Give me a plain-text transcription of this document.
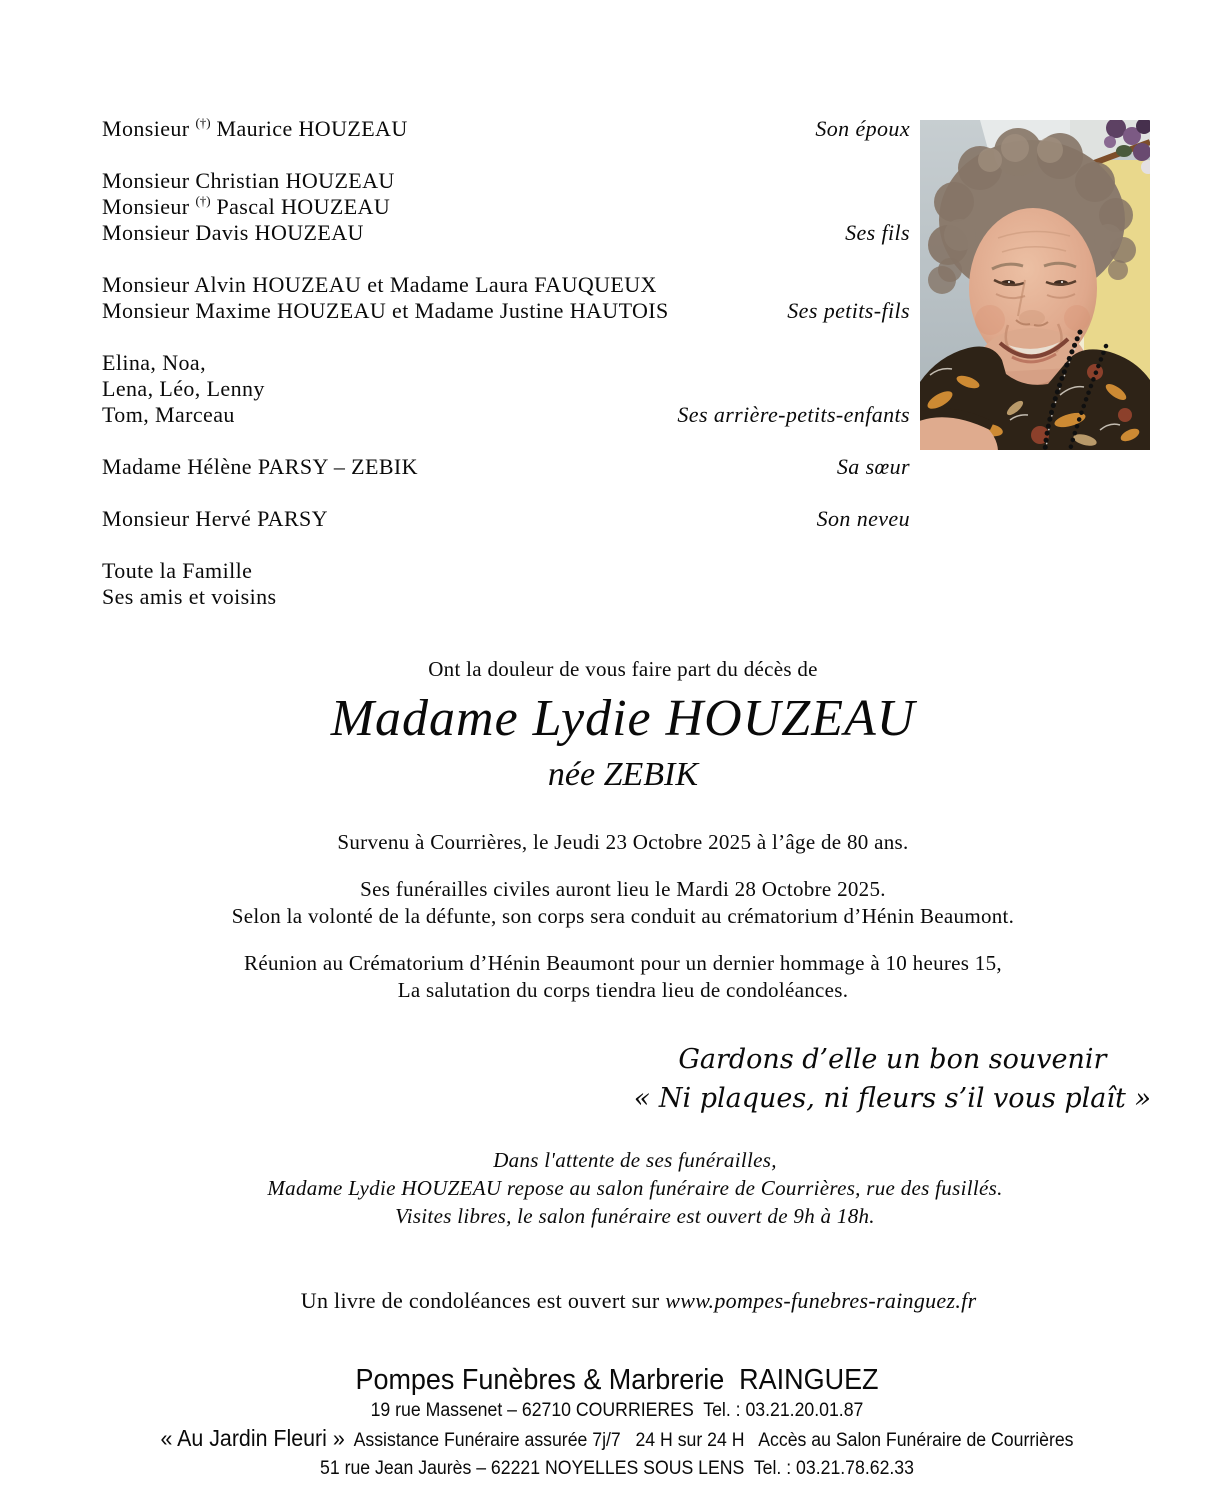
Monsieur (†) Maurice HOUZEAU	Son époux
Monsieur Christian HOUZEAU
Monsieur (†) Pascal HOUZEAU
Monsieur Davis HOUZEAU	Ses fils
Monsieur Alvin HOUZEAU et Madame Laura FAUQUEUX
Monsieur Maxime HOUZEAU et Madame Justine HAUTOIS	Ses petits-fils
Elina, Noa,
Lena, Léo, Lenny
Tom, Marceau	Ses arrière-petits-enfants
Madame Hélène PARSY – ZEBIK	Sa sœur
Monsieur Hervé PARSY	Son neveu
Toute la Famille
Ses amis et voisins
Ont la douleur de vous faire part du décès de
Madame Lydie HOUZEAU
née ZEBIK
Survenu à Courrières, le Jeudi 23 Octobre 2025 à l’âge de 80 ans.
Ses funérailles civiles auront lieu le Mardi 28 Octobre 2025.
Selon la volonté de la défunte, son corps sera conduit au crématorium d’Hénin Beaumont.
Réunion au Crématorium d’Hénin Beaumont pour un dernier hommage à 10 heures 15,
La salutation du corps tiendra lieu de condoléances.
Gardons d’elle un bon souvenir
« Ni plaques, ni fleurs s’il vous plaît »
Dans l'attente de ses funérailles,
Madame Lydie HOUZEAU repose au salon funéraire de Courrières, rue des fusillés.
Visites libres, le salon funéraire est ouvert de 9h à 18h.

Un livre de condoléances est ouvert sur www.pompes-funebres-rainguez.fr

Pompes Funèbres & Marbrerie  RAINGUEZ
19 rue Massenet – 62710 COURRIERES  Tel. : 03.21.20.01.87
« Au Jardin Fleuri »  Assistance Funéraire assurée 7j/7   24 H sur 24 H   Accès au Salon Funéraire de Courrières
51 rue Jean Jaurès – 62221 NOYELLES SOUS LENS  Tel. : 03.21.78.62.33
